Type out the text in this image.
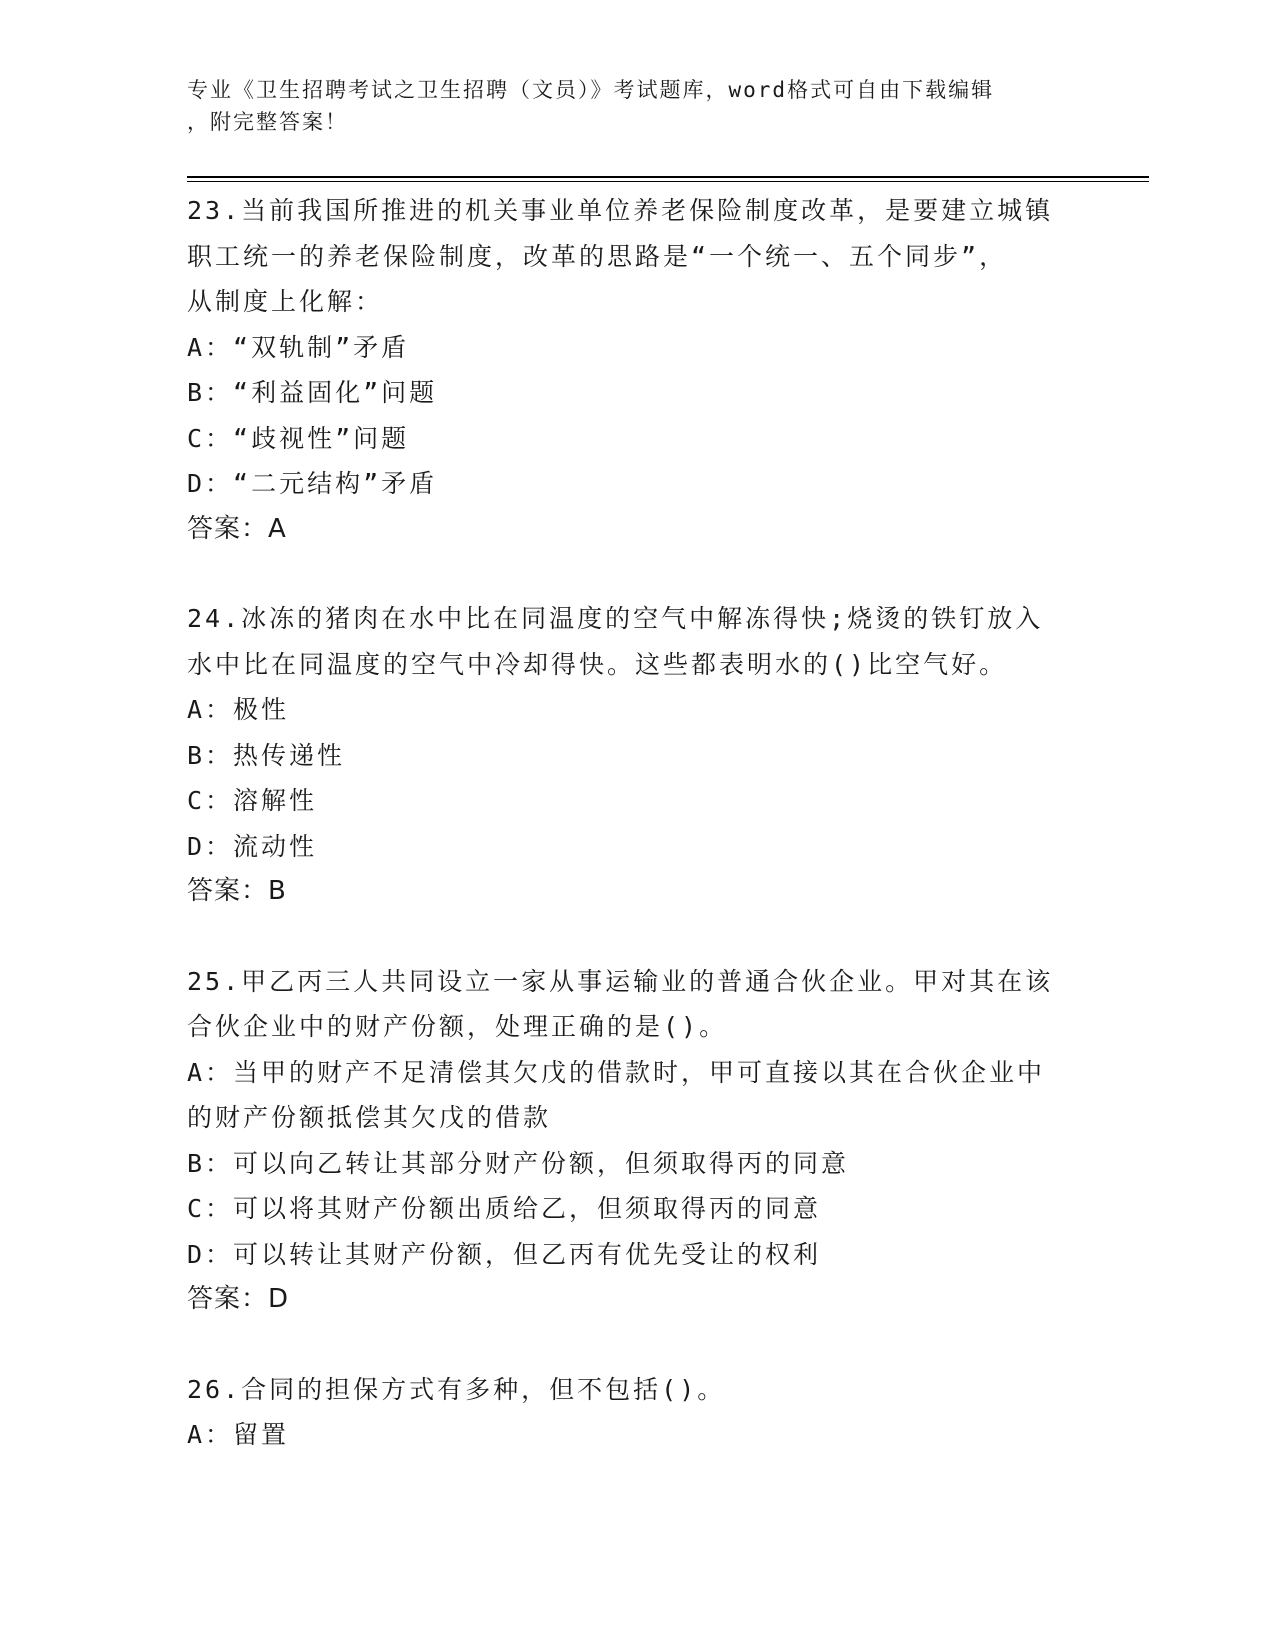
专业《卫生招聘考试之卫生招聘（文员）》考试题库，word格式可自由下载编辑
，附完整答案！
23.当前我国所推进的机关事业单位养老保险制度改革，是要建立城镇
职工统一的养老保险制度，改革的思路是“一个统一、五个同步”，
从制度上化解：
A：“双轨制”矛盾
B：“利益固化”问题
C：“歧视性”问题
D：“二元结构”矛盾
答案：A
24.冰冻的猪肉在水中比在同温度的空气中解冻得快;烧烫的铁钉放入
水中比在同温度的空气中冷却得快。这些都表明水的()比空气好。
A：极性
B：热传递性
C：溶解性
D：流动性
答案：B
25.甲乙丙三人共同设立一家从事运输业的普通合伙企业。甲对其在该
合伙企业中的财产份额，处理正确的是()。
A：当甲的财产不足清偿其欠戊的借款时，甲可直接以其在合伙企业中
的财产份额抵偿其欠戊的借款
B：可以向乙转让其部分财产份额，但须取得丙的同意
C：可以将其财产份额出质给乙，但须取得丙的同意
D：可以转让其财产份额，但乙丙有优先受让的权利
答案：D
26.合同的担保方式有多种，但不包括()。
A：留置
